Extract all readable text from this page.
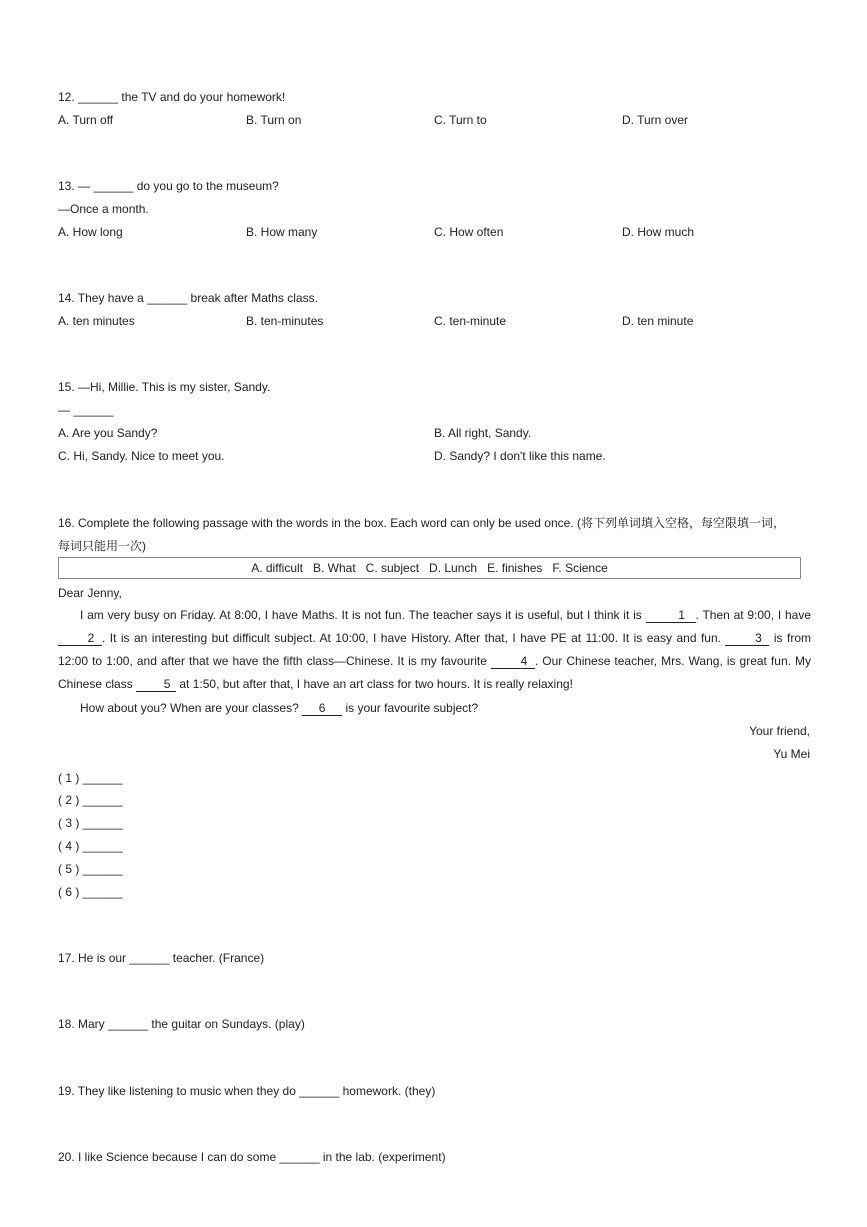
12. ______ the TV and do your homework!
A. Turn off	B. Turn on	C. Turn to	D. Turn over
13. — ______ do you go to the museum?
—Once a month.
A. How long	B. How many	C. How often	D. How much
14. They have a ______ break after Maths class.
A. ten minutes	B. ten-minutes	C. ten-minute	D. ten minute
15. —Hi, Millie. This is my sister, Sandy.
— ______
A. Are you Sandy?	B. All right, Sandy.
C. Hi, Sandy. Nice to meet you.	D. Sandy? I don't like this name.
16. Complete the following passage with the words in the box. Each word can only be used once. (将下列单词填入空格，每空限填一词，
每词只能用一次)
A. difficult   B. What   C. subject   D. Lunch   E. finishes   F. Science
Dear Jenny,
I am very busy on Friday. At 8:00, I have Maths. It is not fun. The teacher says it is useful, but I think it is	1 . Then at 9:00, I have 2 . It is an interesting but difficult subject. At 10:00, I have History. After that, I have PE at 11:00. It is easy and fun. 3 is from 12:00 to 1:00, and after that we have the fifth class—Chinese. It is my favourite 4 . Our Chinese teacher, Mrs. Wang, is great fun. My Chinese class 5 at 1:50, but after that, I have an art class for two hours. It is really relaxing!
How about you? When are your classes? 6 is your favourite subject?
Your friend,
Yu Mei
( 1 ) ______
( 2 ) ______
( 3 ) ______
( 4 ) ______
( 5 ) ______
( 6 ) ______
17. He is our ______ teacher. (France)
18. Mary ______ the guitar on Sundays. (play)
19. They like listening to music when they do ______ homework. (they)
20. I like Science because I can do some ______ in the lab. (experiment)
